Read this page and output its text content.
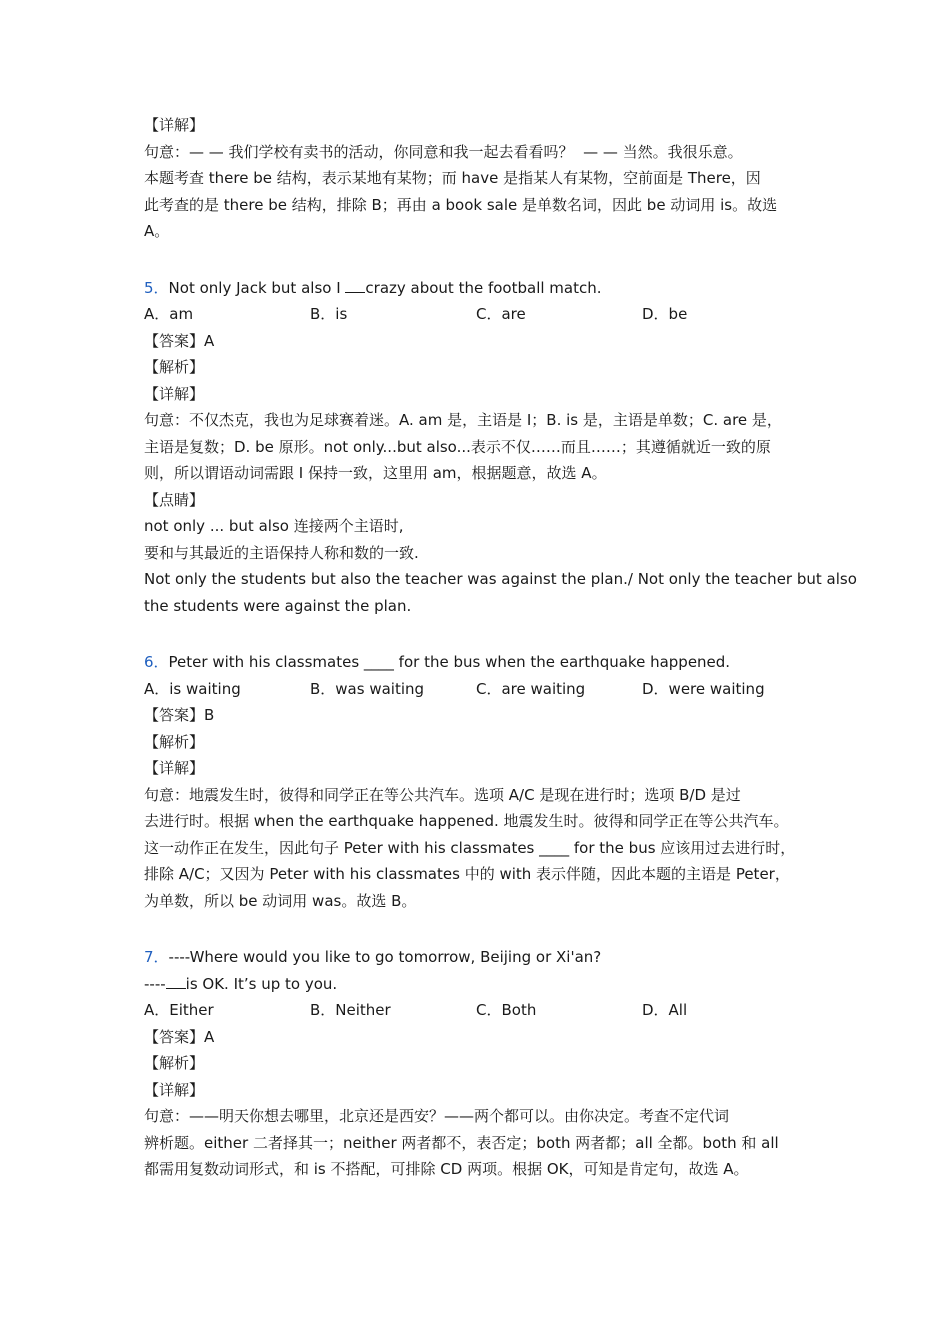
【详解】
句意：— — 我们学校有卖书的活动，你同意和我一起去看看吗？  — — 当然。我很乐意。
本题考查 there be 结构，表示某地有某物；而 have 是指某人有某物，空前面是 There，因
此考查的是 there be 结构，排除 B；再由 a book sale 是单数名词，因此 be 动词用 is。故选
A。
5．Not only Jack but also I crazy about the football match.
A．am	B．is	C．are	D．be
【答案】A
【解析】
【详解】
句意：不仅杰克，我也为足球赛着迷。A. am 是，主语是 I；B. is 是，主语是单数；C. are 是，
主语是复数；D. be 原形。not only...but also...表示不仅……而且……；其遵循就近一致的原
则，所以谓语动词需跟 I 保持一致，这里用 am，根据题意，故选 A。
【点睛】
not only ... but also 连接两个主语时,
要和与其最近的主语保持人称和数的一致.
Not only the students but also the teacher was against the plan./ Not only the teacher but also
the students were against the plan.
6．Peter with his classmates ____ for the bus when the earthquake happened.
A．is waiting	B．was waiting	C．are waiting	D．were waiting
【答案】B
【解析】
【详解】
句意：地震发生时，彼得和同学正在等公共汽车。选项 A/C 是现在进行时；选项 B/D 是过
去进行时。根据 when the earthquake happened. 地震发生时。彼得和同学正在等公共汽车。
这一动作正在发生，因此句子 Peter with his classmates ____ for the bus 应该用过去进行时，
排除 A/C；又因为 Peter with his classmates 中的 with 表示伴随，因此本题的主语是 Peter，
为单数，所以 be 动词用 was。故选 B。
7．----Where would you like to go tomorrow, Beijing or Xi'an?
---- is OK. It’s up to you.
A．Either	B．Neither	C．Both	D．All
【答案】A
【解析】
【详解】
句意：——明天你想去哪里，北京还是西安？——两个都可以。由你决定。考查不定代词
辨析题。either 二者择其一；neither 两者都不，表否定；both 两者都；all 全都。both 和 all
都需用复数动词形式，和 is 不搭配，可排除 CD 两项。根据 OK，可知是肯定句，故选 A。
